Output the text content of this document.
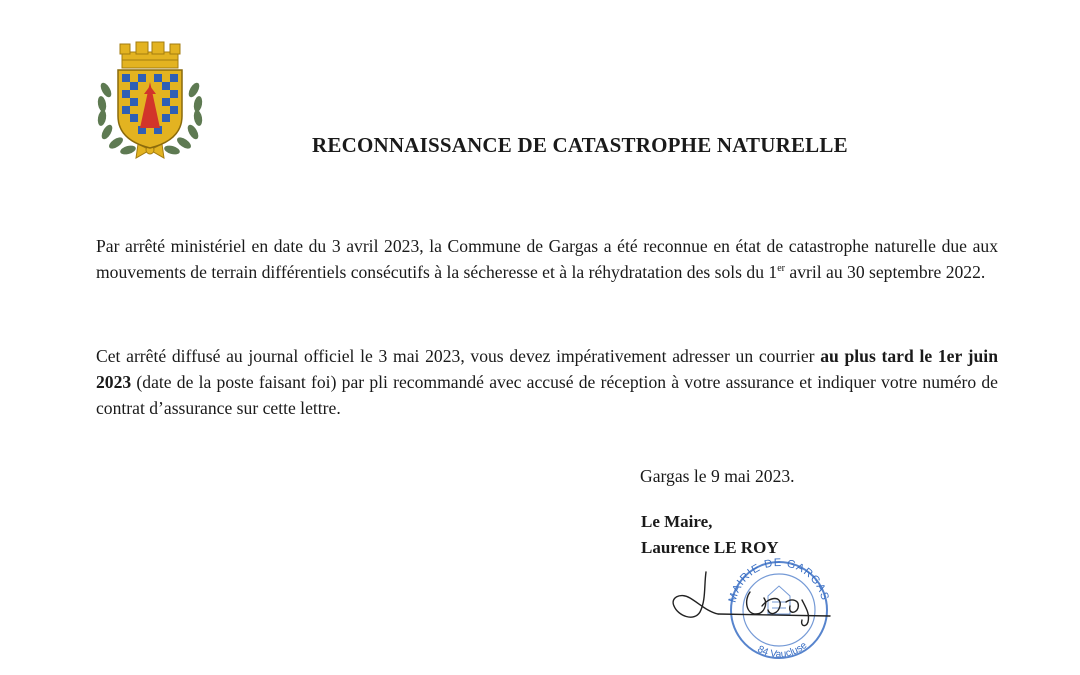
RECONNAISSANCE DE CATASTROPHE NATURELLE

Par arrêté ministériel en date du 3 avril 2023, la Commune de Gargas a été reconnue en état de catastrophe naturelle due aux mouvements de terrain différentiels consécutifs à la sécheresse et à la réhydratation des sols du 1er avril au 30 septembre 2022.

Cet arrêté diffusé au journal officiel le 3 mai 2023, vous devez impérativement adresser un courrier au plus tard le 1er juin 2023 (date de la poste faisant foi) par pli recommandé avec accusé de réception à votre assurance et indiquer votre numéro de contrat d’assurance sur cette lettre.

Gargas le 9 mai 2023.
Le Maire,
Laurence LE ROY
MAIRIE DE GARGAS
84 Vaucluse
